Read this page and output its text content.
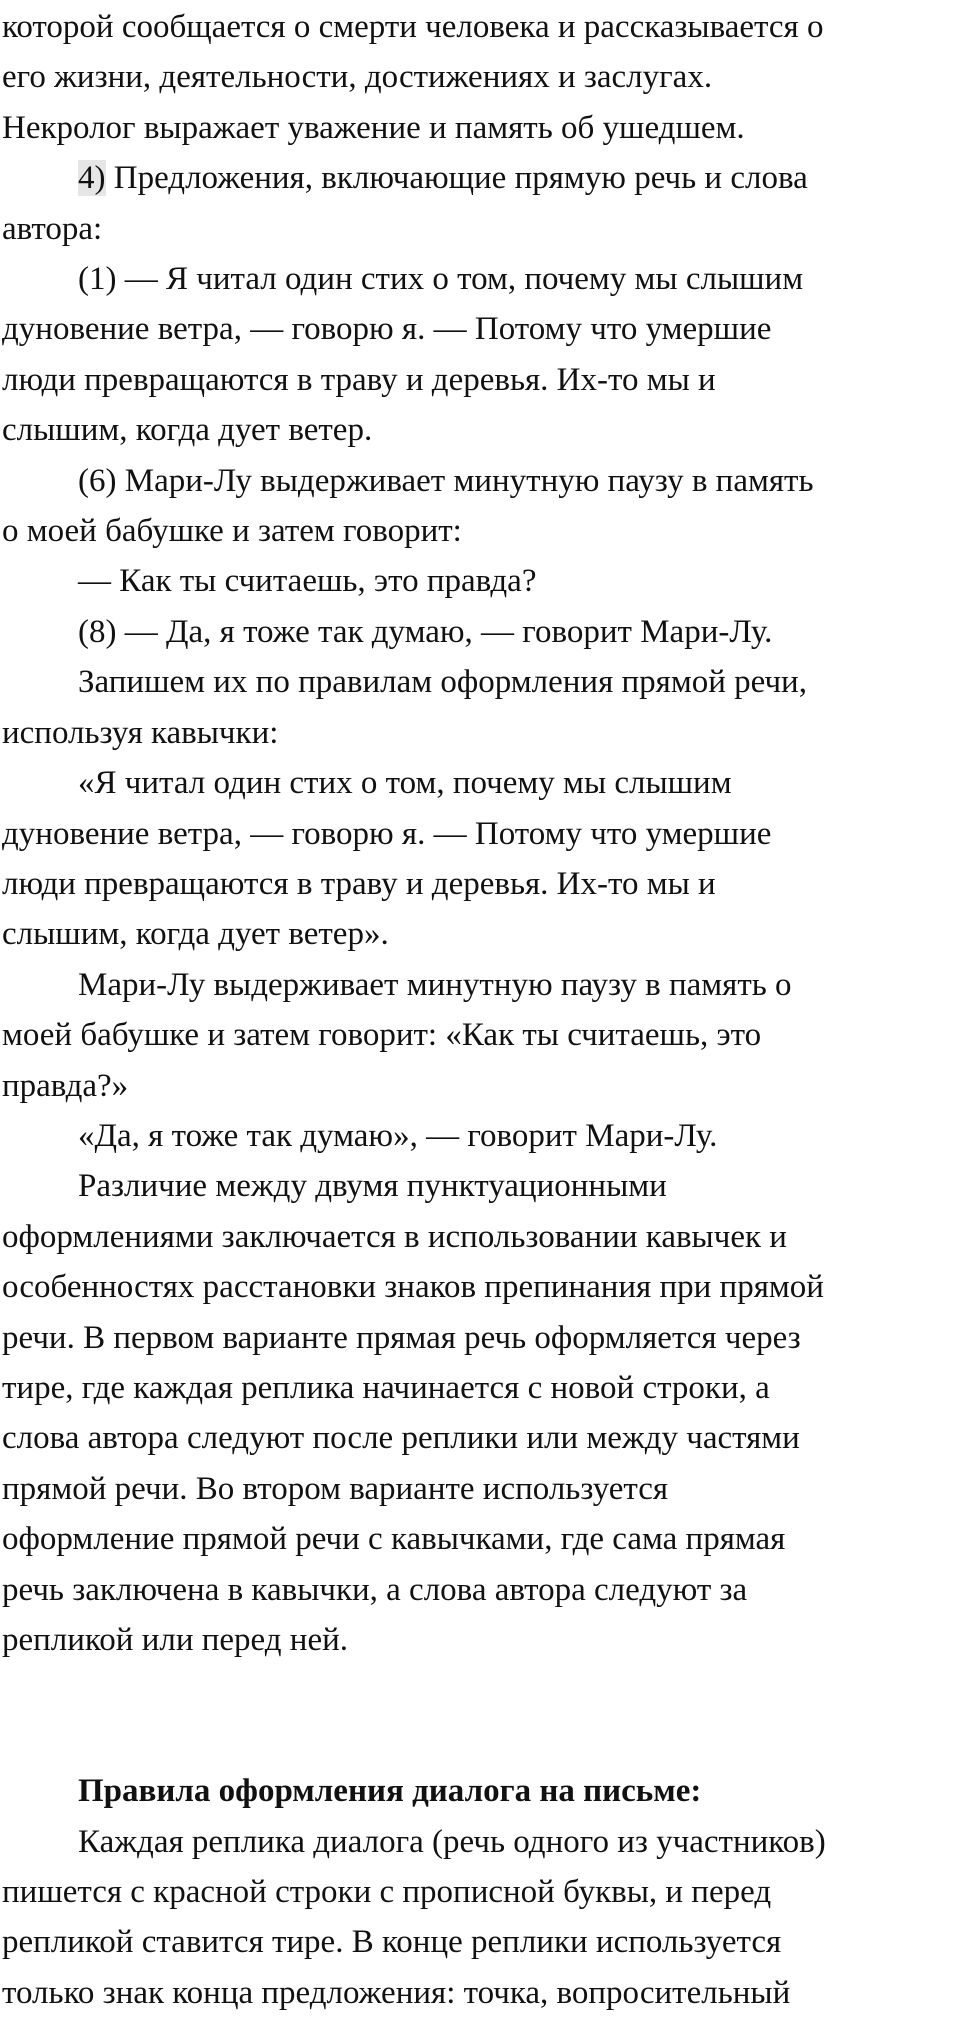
которой сообщается о смерти человека и рассказывается о
его жизни, деятельности, достижениях и заслугах.
Некролог выражает уважение и память об ушедшем.
4) Предложения, включающие прямую речь и слова
автора:
(1) — Я читал один стих о том, почему мы слышим
дуновение ветра, — говорю я. — Потому что умершие
люди превращаются в траву и деревья. Их-то мы и
слышим, когда дует ветер.
(6) Мари-Лу выдерживает минутную паузу в память
о моей бабушке и затем говорит:
— Как ты считаешь, это правда?
(8) — Да, я тоже так думаю, — говорит Мари-Лу.
Запишем их по правилам оформления прямой речи,
используя кавычки:
«Я читал один стих о том, почему мы слышим
дуновение ветра, — говорю я. — Потому что умершие
люди превращаются в траву и деревья. Их-то мы и
слышим, когда дует ветер».
Мари-Лу выдерживает минутную паузу в память о
моей бабушке и затем говорит: «Как ты считаешь, это
правда?»
«Да, я тоже так думаю», — говорит Мари-Лу.
Различие между двумя пунктуационными
оформлениями заключается в использовании кавычек и
особенностях расстановки знаков препинания при прямой
речи. В первом варианте прямая речь оформляется через
тире, где каждая реплика начинается с новой строки, а
слова автора следуют после реплики или между частями
прямой речи. Во втором варианте используется
оформление прямой речи с кавычками, где сама прямая
речь заключена в кавычки, а слова автора следуют за
репликой или перед ней.
Правила оформления диалога на письме:
Каждая реплика диалога (речь одного из участников)
пишется с красной строки с прописной буквы, и перед
репликой ставится тире. В конце реплики используется
только знак конца предложения: точка, вопросительный
